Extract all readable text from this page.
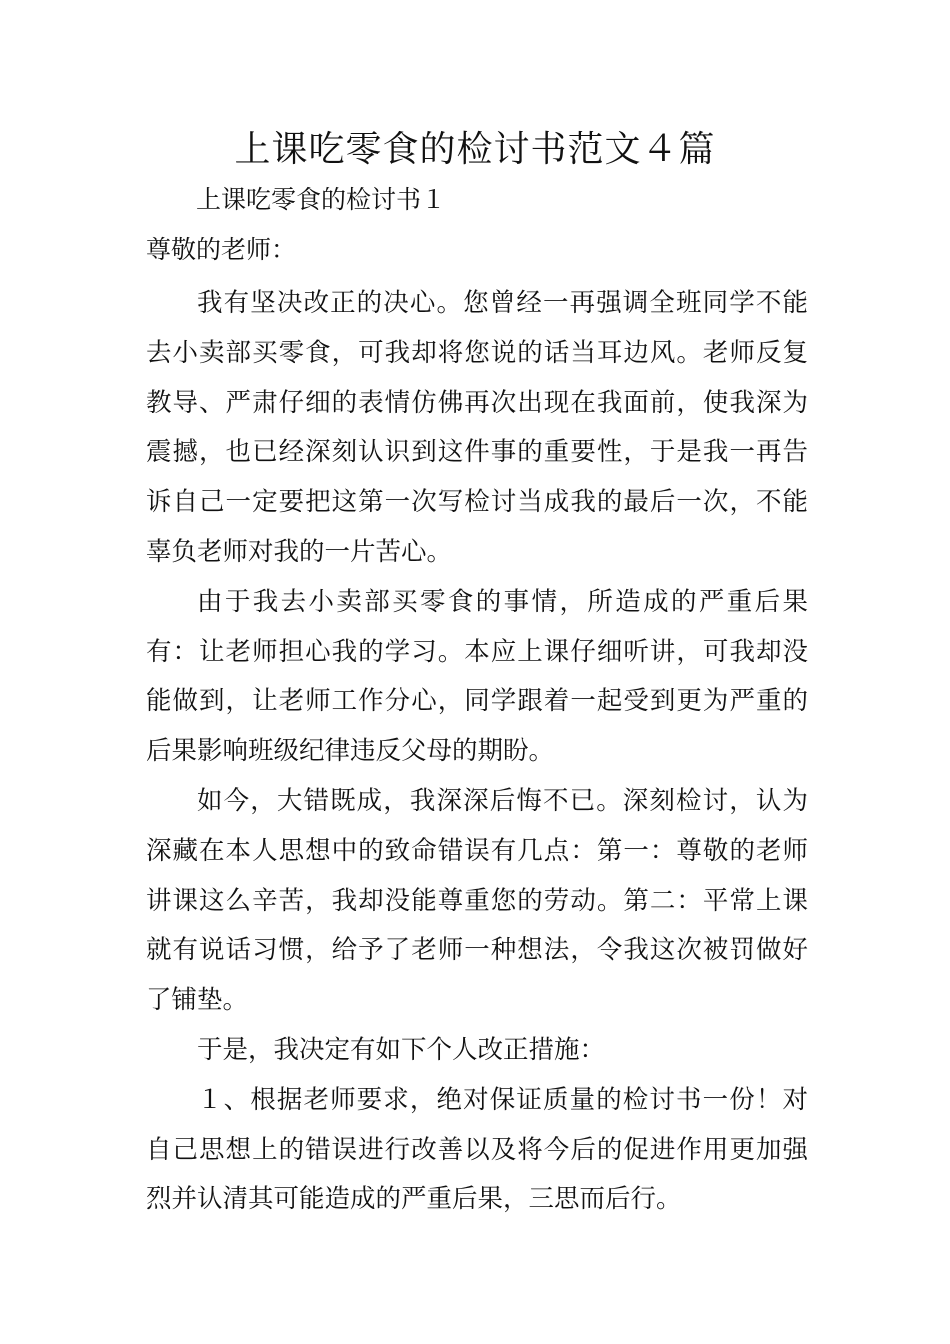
上课吃零食的检讨书范文４篇

上课吃零食的检讨书１

尊敬的老师：

我有坚决改正的决心。您曾经一再强调全班同学不能去小卖部买零食，可我却将您说的话当耳边风。老师反复教导、严肃仔细的表情仿佛再次出现在我面前，使我深为震撼，也已经深刻认识到这件事的重要性，于是我一再告诉自己一定要把这第一次写检讨当成我的最后一次，不能辜负老师对我的一片苦心。

由于我去小卖部买零食的事情，所造成的严重后果有：让老师担心我的学习。本应上课仔细听讲，可我却没能做到，让老师工作分心，同学跟着一起受到更为严重的后果影响班级纪律违反父母的期盼。

如今，大错既成，我深深后悔不已。深刻检讨，认为深藏在本人思想中的致命错误有几点：第一：尊敬的老师讲课这么辛苦，我却没能尊重您的劳动。第二：平常上课就有说话习惯，给予了老师一种想法，令我这次被罚做好了铺垫。

于是，我决定有如下个人改正措施：

１、根据老师要求，绝对保证质量的检讨书一份！对自己思想上的错误进行改善以及将今后的促进作用更加强烈并认清其可能造成的严重后果，三思而后行。
